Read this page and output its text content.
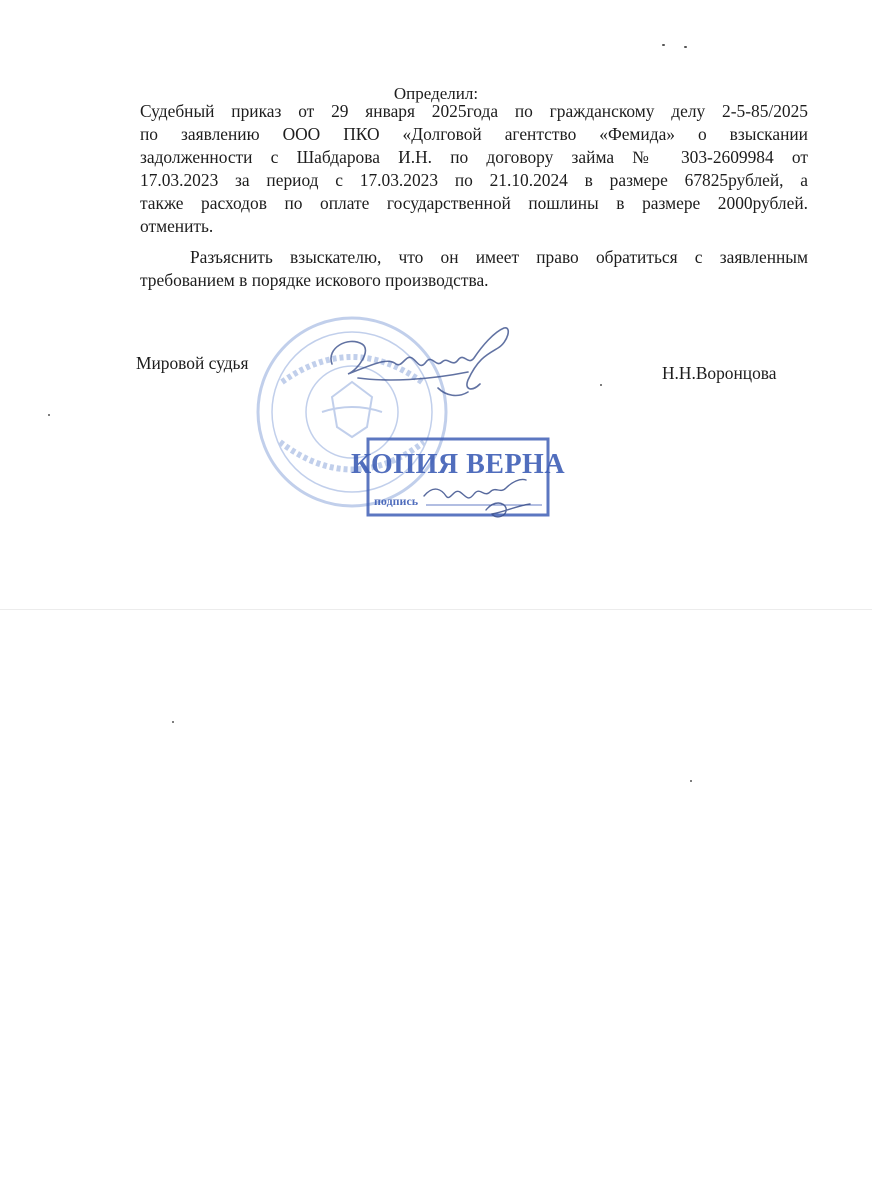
Определил:
Судебный приказ от 29 января 2025года по гражданскому делу 2-5-85/2025
по заявлению ООО ПКО «Долговой агентство «Фемида» о взыскании
задолженности с Шабдарова И.Н. по договору займа № 303-2609984 от
17.03.2023 за период с 17.03.2023 по 21.10.2024 в размере 67825рублей, а
также расходов по оплате государственной пошлины в размере 2000рублей.
отменить.
Разъяснить взыскателю, что он имеет право обратиться с заявленным
требованием в порядке искового производства.
Мировой судья	Н.Н.Воронцова
КОПИЯ ВЕРНА
подпись
